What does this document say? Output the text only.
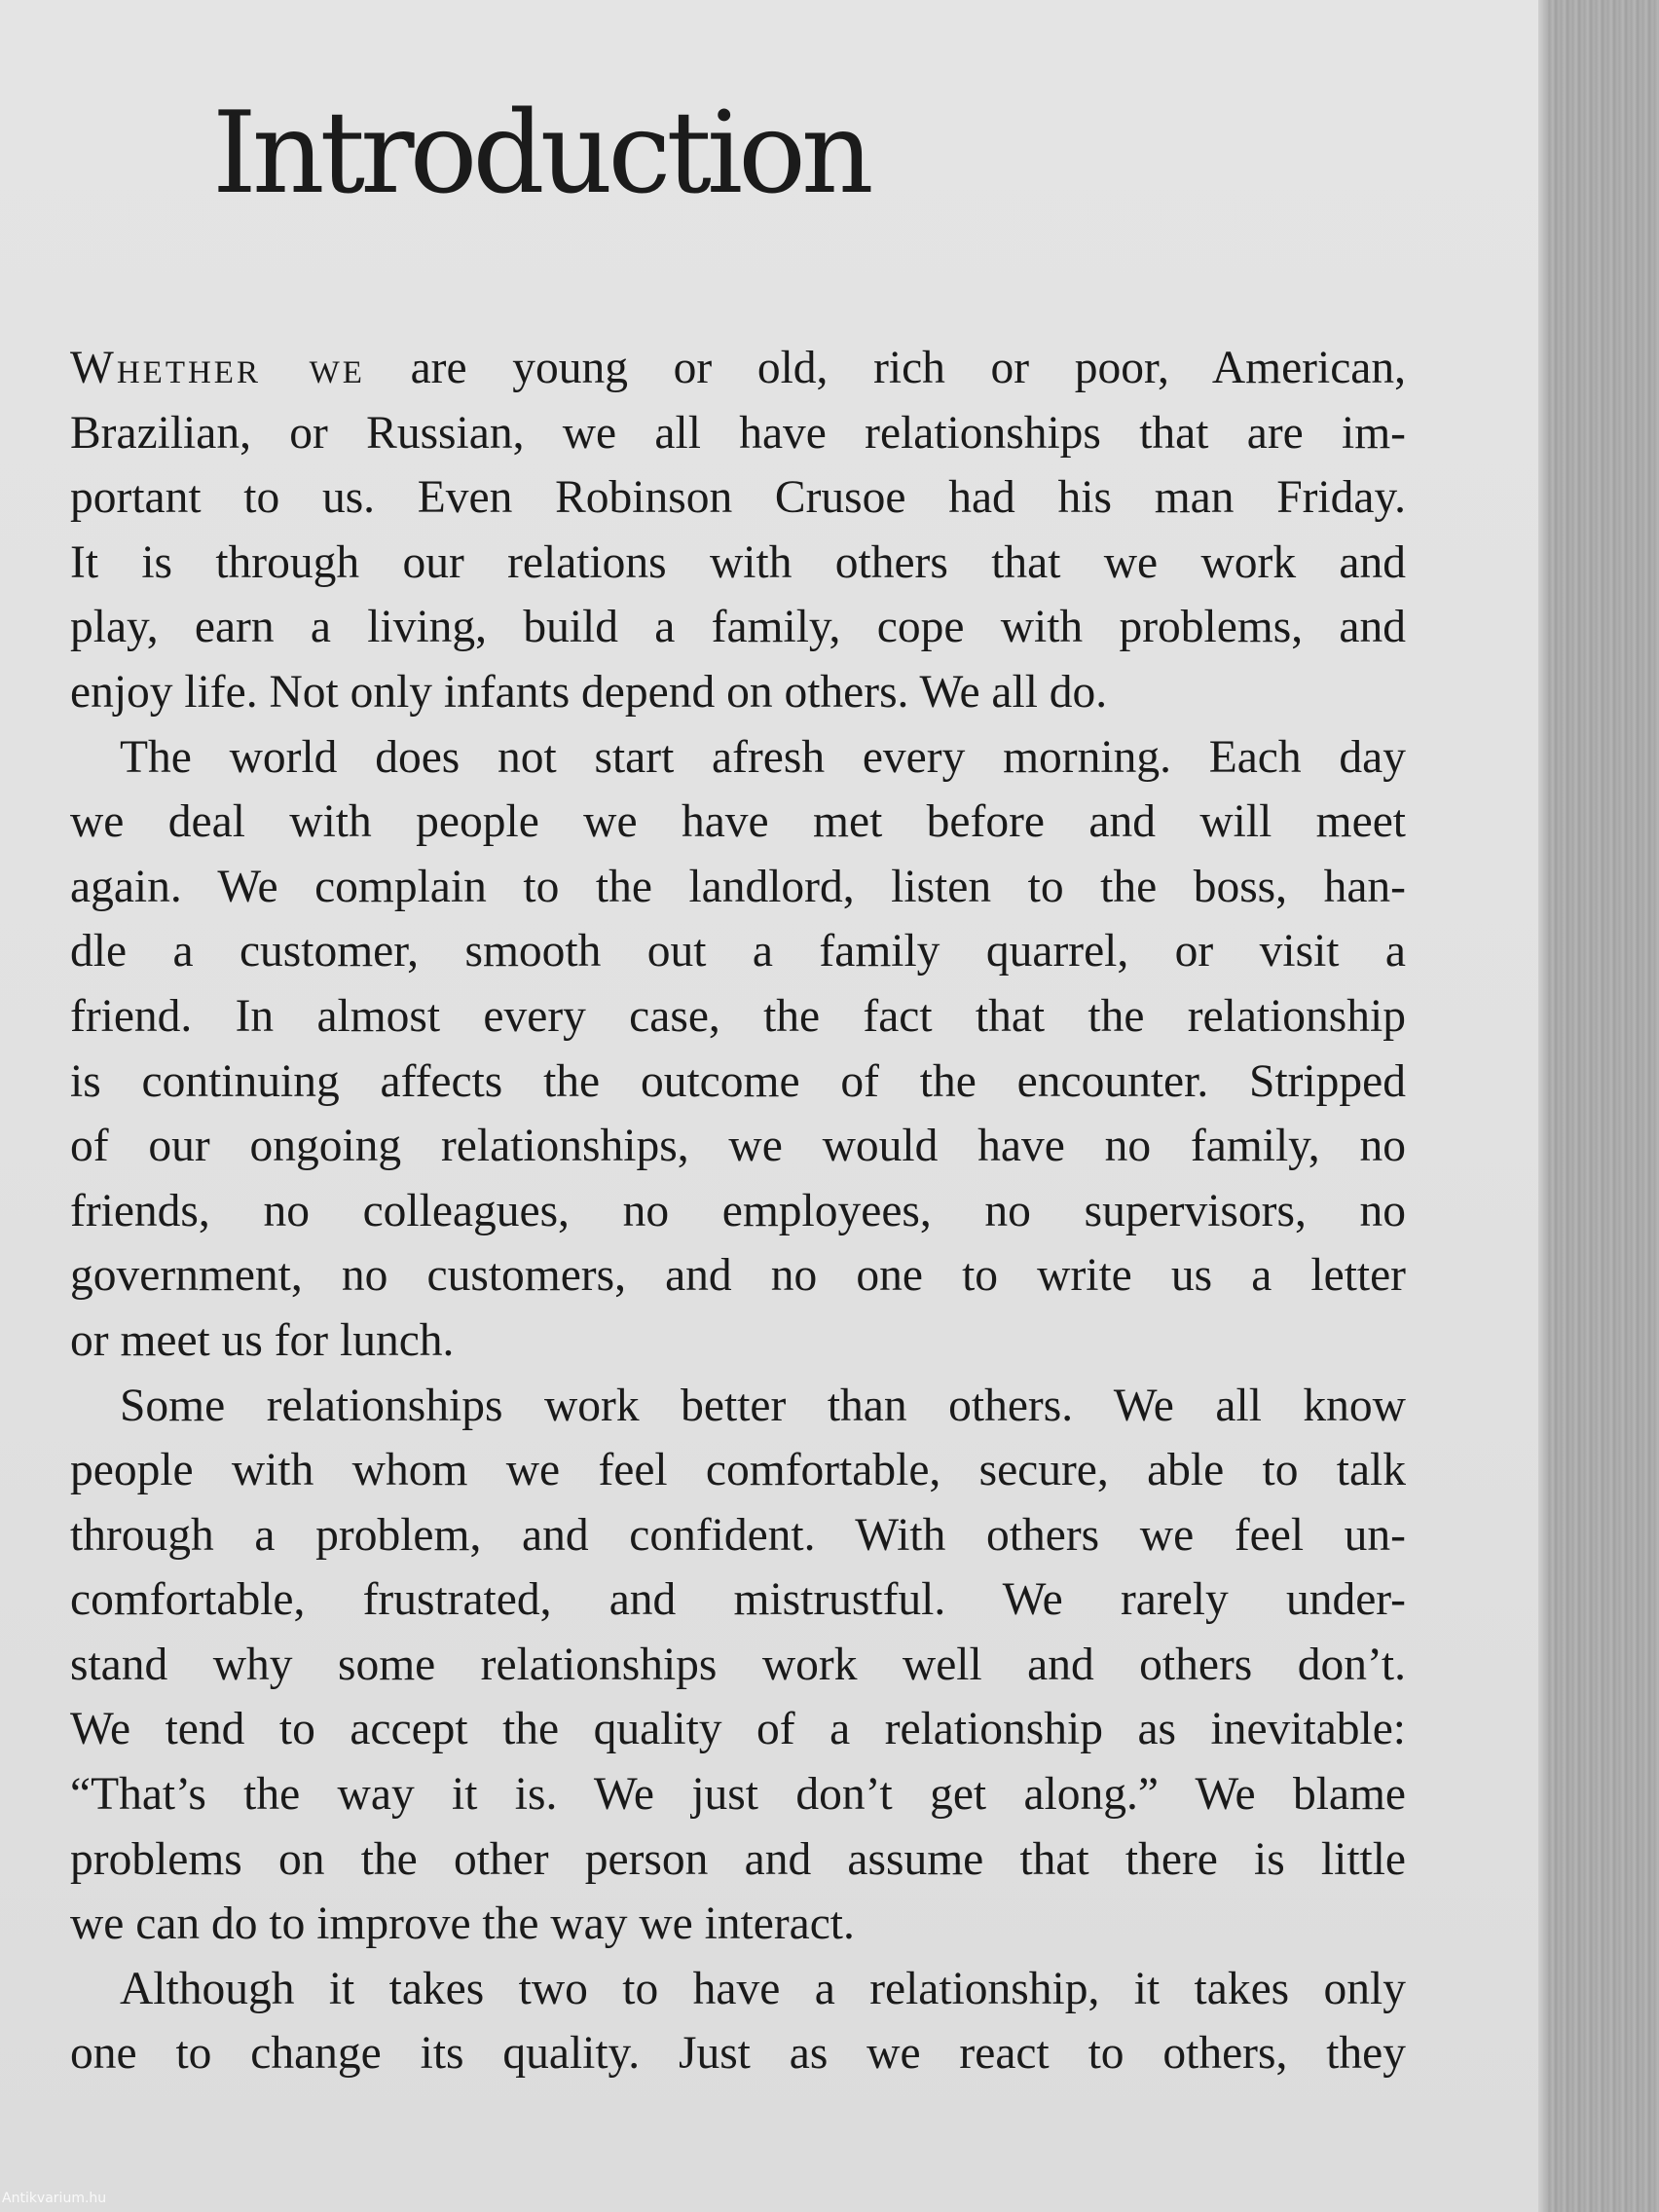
Introduction

Whether we are young or old, rich or poor, American,

Brazilian, or Russian, we all have relationships that are im-

portant to us. Even Robinson Crusoe had his man Friday.

It is through our relations with others that we work and

play, earn a living, build a family, cope with problems, and

enjoy life. Not only infants depend on others. We all do.

The world does not start afresh every morning. Each day

we deal with people we have met before and will meet

again. We complain to the landlord, listen to the boss, han-

dle a customer, smooth out a family quarrel, or visit a

friend. In almost every case, the fact that the relationship

is continuing affects the outcome of the encounter. Stripped

of our ongoing relationships, we would have no family, no

friends, no colleagues, no employees, no supervisors, no

government, no customers, and no one to write us a letter

or meet us for lunch.

Some relationships work better than others. We all know

people with whom we feel comfortable, secure, able to talk

through a problem, and confident. With others we feel un-

comfortable, frustrated, and mistrustful. We rarely under-

stand why some relationships work well and others don’t.

We tend to accept the quality of a relationship as inevitable:

“That’s the way it is. We just don’t get along.” We blame

problems on the other person and assume that there is little

we can do to improve the way we interact.

Although it takes two to have a relationship, it takes only

one to change its quality. Just as we react to others, they

Antikvarium.hu
